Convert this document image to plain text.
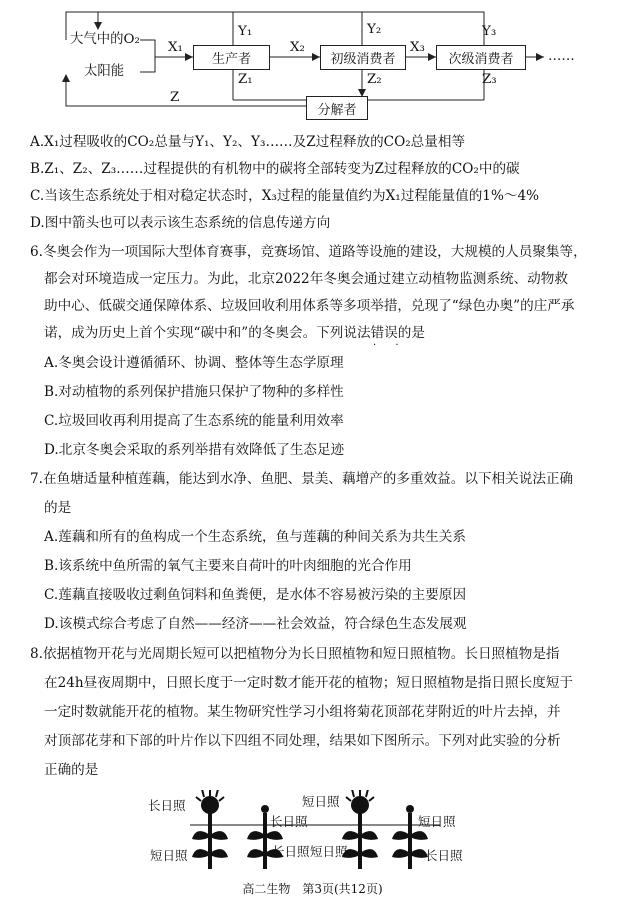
大气中的O₂
太阳能
生产者	初级消费者	次级消费者
分解者
……
X₁	X₂	X₃
Y₁	Y₂	Y₃
Z₁	Z₂	Z₃
Z
A.X₁过程吸收的CO₂总量与Y₁、Y₂、Y₃……及Z过程释放的CO₂总量相等
B.Z₁、Z₂、Z₃……过程提供的有机物中的碳将全部转变为Z过程释放的CO₂中的碳
C.当该生态系统处于相对稳定状态时，X₃过程的能量值约为X₁过程能量值的1%～4%
D.图中箭头也可以表示该生态系统的信息传递方向
6.冬奥会作为一项国际大型体育赛事，竞赛场馆、道路等设施的建设，大规模的人员聚集等，
都会对环境造成一定压力。为此，北京2022年冬奥会通过建立动植物监测系统、动物救
助中心、低碳交通保障体系、垃圾回收利用体系等多项举措，兑现了“绿色办奥”的庄严承
诺，成为历史上首个实现“碳中和”的冬奥会。下列说法错误的是
· ·
A.冬奥会设计遵循循环、协调、整体等生态学原理
B.对动植物的系列保护措施只保护了物种的多样性
C.垃圾回收再利用提高了生态系统的能量利用效率
D.北京冬奥会采取的系列举措有效降低了生态足迹
7.在鱼塘适量种植莲藕，能达到水净、鱼肥、景美、藕增产的多重效益。以下相关说法正确
的是
A.莲藕和所有的鱼构成一个生态系统，鱼与莲藕的种间关系为共生关系
B.该系统中鱼所需的氧气主要来自荷叶的叶肉细胞的光合作用
C.莲藕直接吸收过剩鱼饲料和鱼粪便，是水体不容易被污染的主要原因
D.该模式综合考虑了自然——经济——社会效益，符合绿色生态发展观
8.依据植物开花与光周期长短可以把植物分为长日照植物和短日照植物。长日照植物是指
在24h昼夜周期中，日照长度于一定时数才能开花的植物；短日照植物是指日照长度短于
一定时数就能开花的植物。某生物研究性学习小组将菊花顶部花芽附近的叶片去掉，并
对顶部花芽和下部的叶片作以下四组不同处理，结果如下图所示。下列对此实验的分析
正确的是
长日照
短日照
长日照
长日照
短日照
短日照
短日照
长日照
高二生物　第3页(共12页)
